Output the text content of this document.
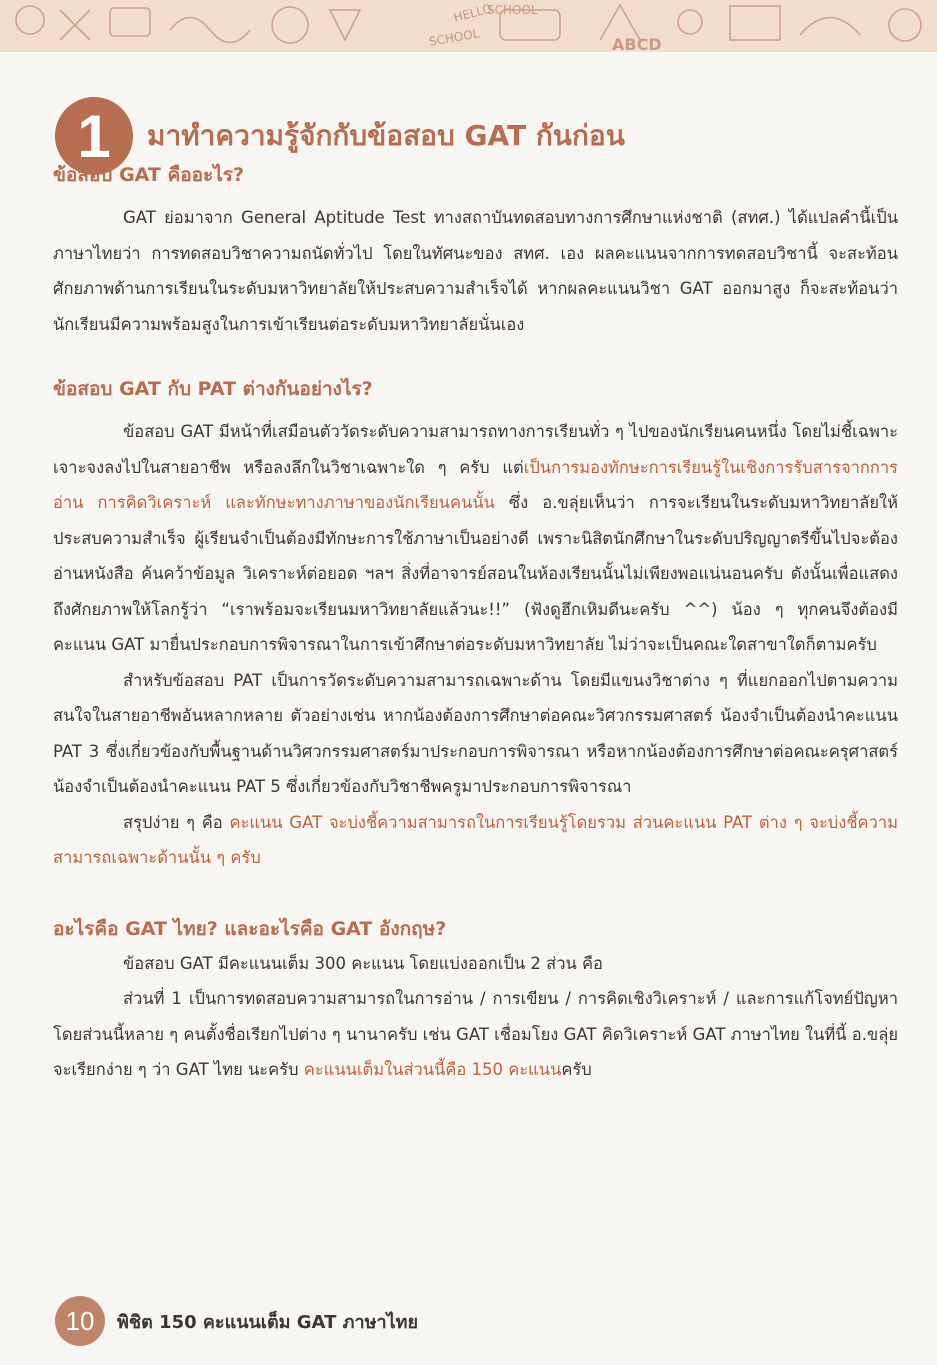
HELLO
SCHOOL
SCHOOL	ABCD
1	มาทำความรู้จักกับข้อสอบ GAT กันก่อน
ข้อสอบ GAT คืออะไร?

GAT ย่อมาจาก General Aptitude Test ทางสถาบันทดสอบทางการศึกษาแห่งชาติ (สทศ.) ได้แปลคำนี้เป็นภาษาไทยว่า การทดสอบวิชาความถนัดทั่วไป โดยในทัศนะของ สทศ. เอง ผลคะแนนจากการทดสอบวิชานี้ จะสะท้อนศักยภาพด้านการเรียนในระดับมหาวิทยาลัยให้ประสบความสำเร็จได้ หากผลคะแนนวิชา GAT ออกมาสูง ก็จะสะท้อนว่านักเรียนมีความพร้อมสูงในการเข้าเรียนต่อระดับมหาวิทยาลัยนั่นเอง

ข้อสอบ GAT กับ PAT ต่างกันอย่างไร?

ข้อสอบ GAT มีหน้าที่เสมือนตัววัดระดับความสามารถทางการเรียนทั่ว ๆ ไปของนักเรียนคนหนึ่ง โดยไม่ชี้เฉพาะเจาะจงลงไปในสายอาชีพ หรือลงลึกในวิชาเฉพาะใด ๆ ครับ แต่เป็นการมองทักษะการเรียนรู้ในเชิงการรับสารจากการอ่าน การคิดวิเคราะห์ และทักษะทางภาษาของนักเรียนคนนั้น ซึ่ง อ.ขลุ่ยเห็นว่า การจะเรียนในระดับมหาวิทยาลัยให้ประสบความสำเร็จ ผู้เรียนจำเป็นต้องมีทักษะการใช้ภาษาเป็นอย่างดี เพราะนิสิตนักศึกษาในระดับปริญญาตรีขึ้นไปจะต้องอ่านหนังสือ ค้นคว้าข้อมูล วิเคราะห์ต่อยอด ฯลฯ สิ่งที่อาจารย์สอนในห้องเรียนนั้นไม่เพียงพอแน่นอนครับ ดังนั้นเพื่อแสดงถึงศักยภาพให้โลกรู้ว่า “เราพร้อมจะเรียนมหาวิทยาลัยแล้วนะ!!” (ฟังดูฮึกเหิมดีนะครับ ^^) น้อง ๆ ทุกคนจึงต้องมีคะแนน GAT มายื่นประกอบการพิจารณาในการเข้าศึกษาต่อระดับมหาวิทยาลัย ไม่ว่าจะเป็นคณะใดสาขาใดก็ตามครับ

สำหรับข้อสอบ PAT เป็นการวัดระดับความสามารถเฉพาะด้าน โดยมีแขนงวิชาต่าง ๆ ที่แยกออกไปตามความสนใจในสายอาชีพอันหลากหลาย ตัวอย่างเช่น หากน้องต้องการศึกษาต่อคณะวิศวกรรมศาสตร์ น้องจำเป็นต้องนำคะแนน PAT 3 ซึ่งเกี่ยวข้องกับพื้นฐานด้านวิศวกรรมศาสตร์มาประกอบการพิจารณา หรือหากน้องต้องการศึกษาต่อคณะครุศาสตร์ น้องจำเป็นต้องนำคะแนน PAT 5 ซึ่งเกี่ยวข้องกับวิชาชีพครูมาประกอบการพิจารณา

สรุปง่าย ๆ คือ คะแนน GAT จะบ่งชี้ความสามารถในการเรียนรู้โดยรวม ส่วนคะแนน PAT ต่าง ๆ จะบ่งชี้ความสามารถเฉพาะด้านนั้น ๆ ครับ

อะไรคือ GAT ไทย? และอะไรคือ GAT อังกฤษ?

ข้อสอบ GAT มีคะแนนเต็ม 300 คะแนน โดยแบ่งออกเป็น 2 ส่วน คือ

ส่วนที่ 1 เป็นการทดสอบความสามารถในการอ่าน / การเขียน / การคิดเชิงวิเคราะห์ / และการแก้โจทย์ปัญหา โดยส่วนนี้หลาย ๆ คนตั้งชื่อเรียกไปต่าง ๆ นานาครับ เช่น GAT เชื่อมโยง GAT คิดวิเคราะห์ GAT ภาษาไทย ในที่นี้ อ.ขลุ่ยจะเรียกง่าย ๆ ว่า GAT ไทย นะครับ คะแนนเต็มในส่วนนี้คือ 150 คะแนนครับ

10	พิชิต 150 คะแนนเต็ม GAT ภาษาไทย
